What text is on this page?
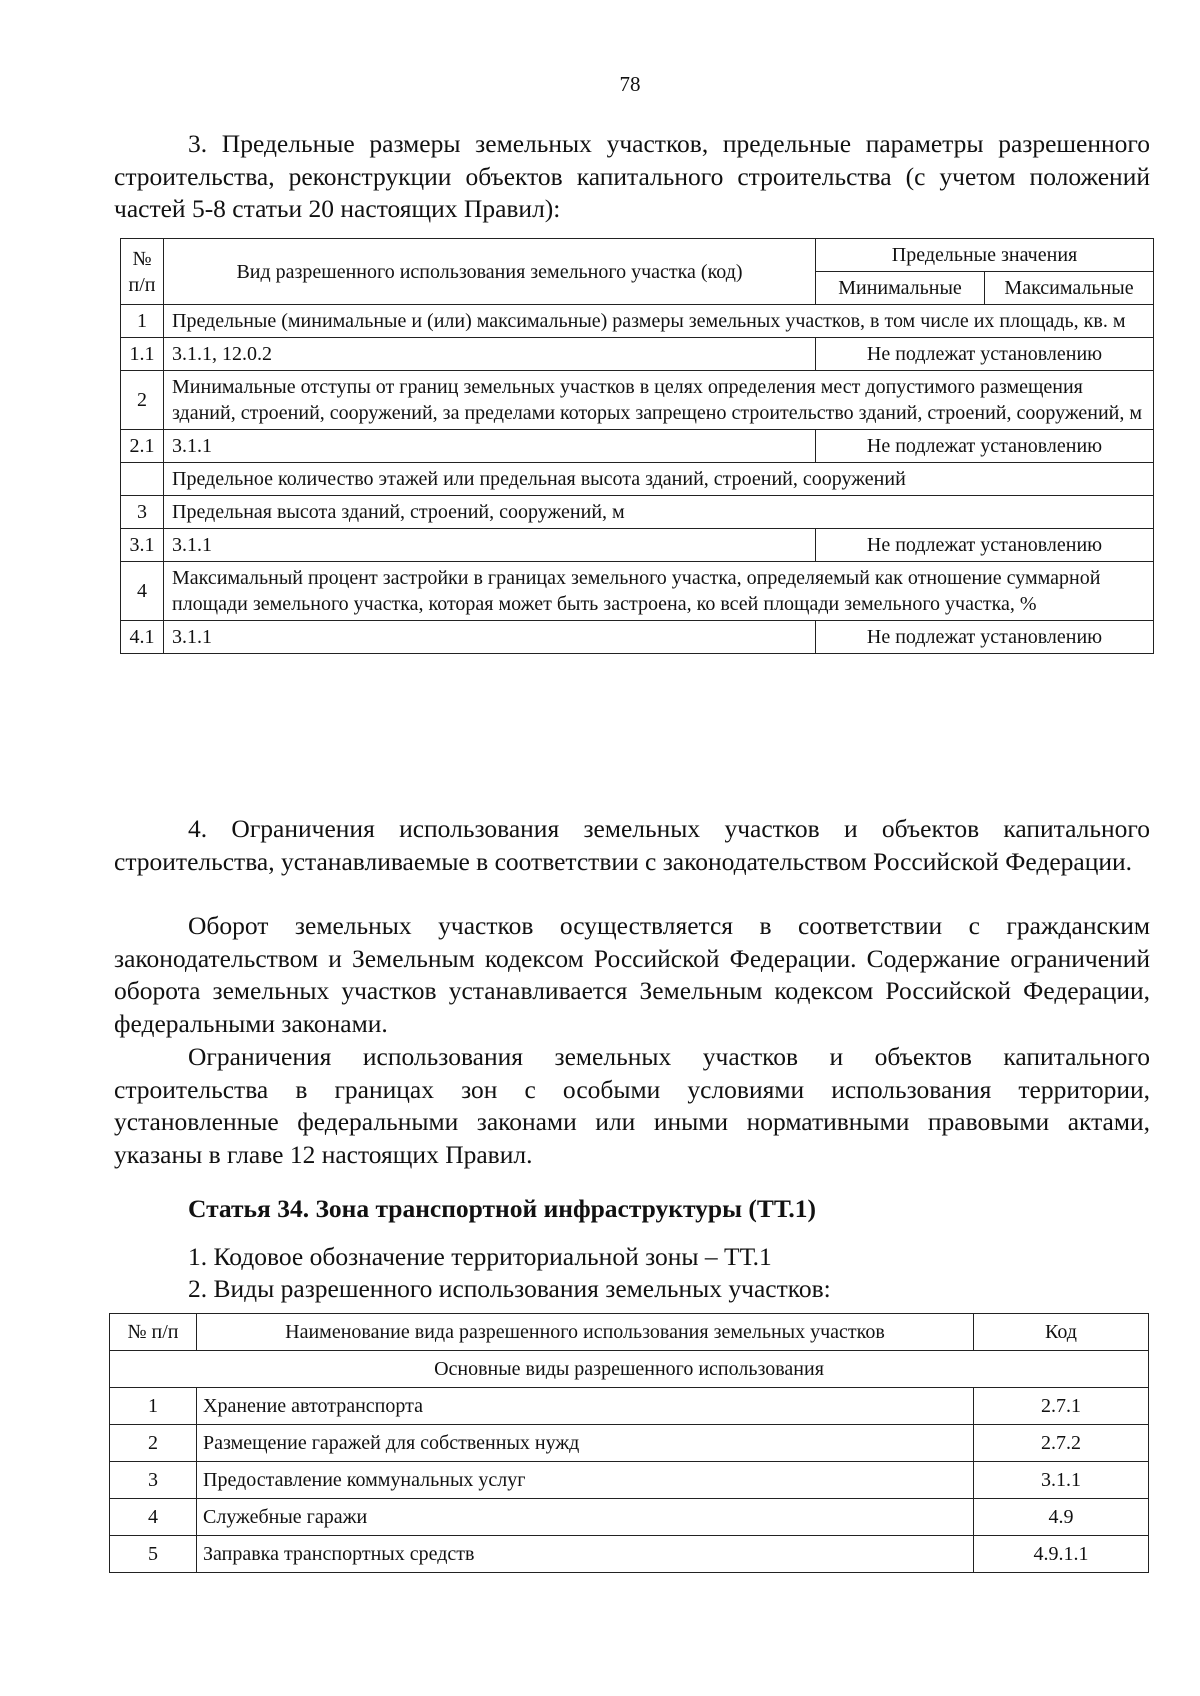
78

3. Предельные размеры земельных участков, предельные параметры разрешенного строительства, реконструкции объектов капитального строительства (с учетом положений частей 5-8 статьи 20 настоящих Правил):

№ п/п	Вид разрешенного использования земельного участка (код)	Предельные значения	
		Минимальные	Максимальные
1	Предельные (минимальные и (или) максимальные) размеры земельных участков, в том числе их площадь, кв. м		
1.1	3.1.1, 12.0.2	Не подлежат установлению	
2	Минимальные отступы от границ земельных участков в целях определения мест допустимого размещения зданий, строений, сооружений, за пределами которых запрещено строительство зданий, строений, сооружений, м		
2.1	3.1.1	Не подлежат установлению	
	Предельное количество этажей или предельная высота зданий, строений, сооружений		
3	Предельная высота зданий, строений, сооружений, м		
3.1	3.1.1	Не подлежат установлению	
4	Максимальный процент застройки в границах земельного участка, определяемый как отношение суммарной площади земельного участка, которая может быть застроена, ко всей площади земельного участка, %		
4.1	3.1.1	Не подлежат установлению	

4. Ограничения использования земельных участков и объектов капитального строительства, устанавливаемые в соответствии с законодательством Российской Федерации.

Оборот земельных участков осуществляется в соответствии с гражданским законодательством и Земельным кодексом Российской Федерации. Содержание ограничений оборота земельных участков устанавливается Земельным кодексом Российской Федерации, федеральными законами.

Ограничения использования земельных участков и объектов капитального строительства в границах зон с особыми условиями использования территории, установленные федеральными законами или иными нормативными правовыми актами, указаны в главе 12 настоящих Правил.

Статья 34. Зона транспортной инфраструктуры (ТТ.1)

1. Кодовое обозначение территориальной зоны – ТТ.1

2. Виды разрешенного использования земельных участков:

№ п/п	Наименование вида разрешенного использования земельных участков	Код
Основные виды разрешенного использования		
1	Хранение автотранспорта	2.7.1
2	Размещение гаражей для собственных нужд	2.7.2
3	Предоставление коммунальных услуг	3.1.1
4	Служебные гаражи	4.9
5	Заправка транспортных средств	4.9.1.1
